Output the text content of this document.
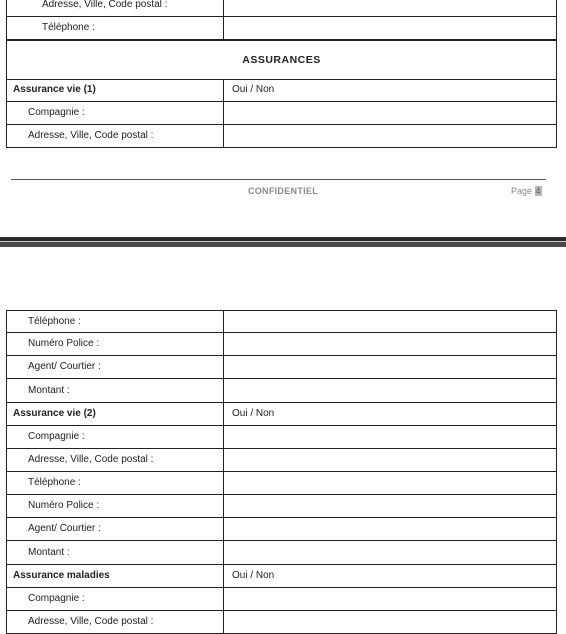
Adresse, Ville, Code postal :
Téléphone :
ASSURANCES
Assurance vie (1)	Oui / Non
Compagnie :
Adresse, Ville, Code postal :
CONFIDENTIEL	Page 4
Téléphone :
Numéro Police :
Agent/ Courtier :
Montant :
Assurance vie (2)	Oui / Non
Compagnie :
Adresse, Ville, Code postal :
Téléphone :
Numéro Police :
Agent/ Courtier :
Montant :
Assurance maladies	Oui / Non
Compagnie :
Adresse, Ville, Code postal :
